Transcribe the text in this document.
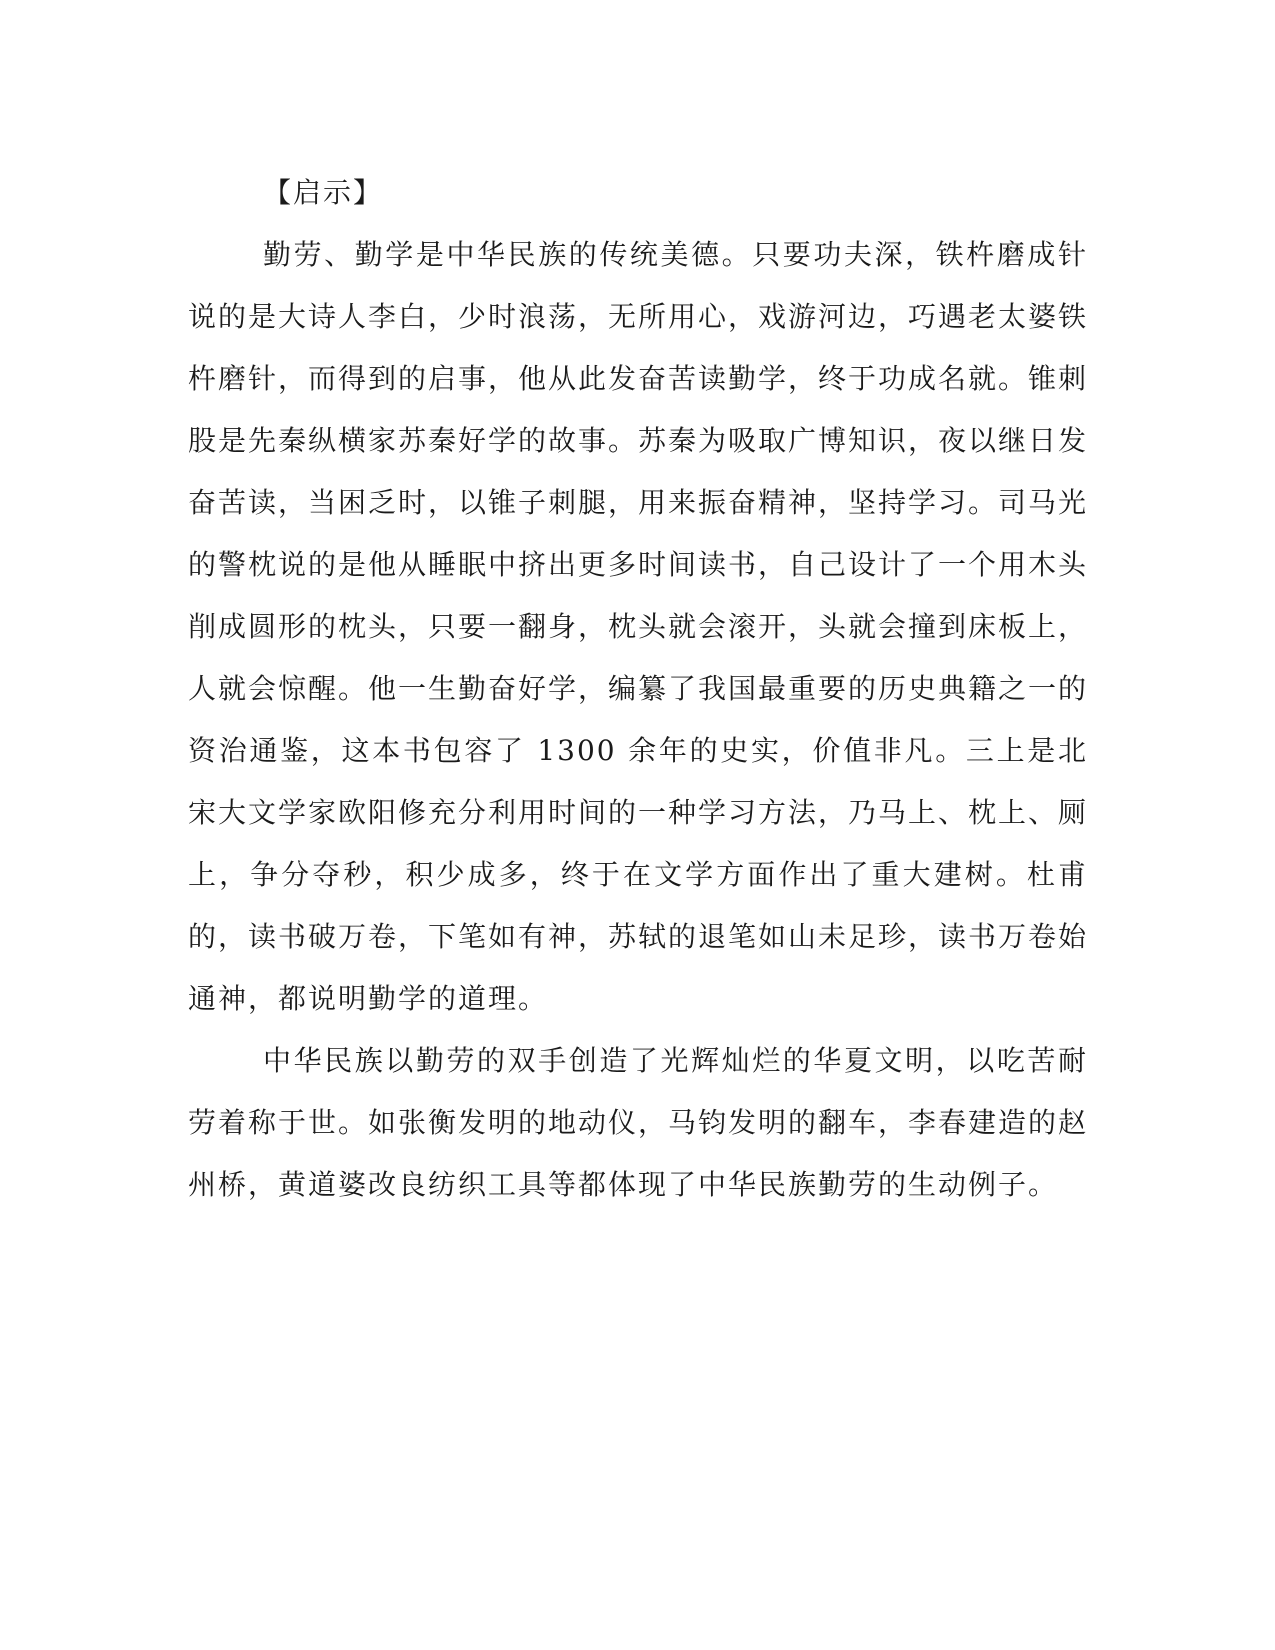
【启示】

勤劳、勤学是中华民族的传统美德。只要功夫深，铁杵磨成针说的是大诗人李白，少时浪荡，无所用心，戏游河边，巧遇老太婆铁杵磨针，而得到的启事，他从此发奋苦读勤学，终于功成名就。锥刺股是先秦纵横家苏秦好学的故事。苏秦为吸取广博知识，夜以继日发奋苦读，当困乏时，以锥子刺腿，用来振奋精神，坚持学习。司马光的警枕说的是他从睡眠中挤出更多时间读书，自己设计了一个用木头削成圆形的枕头，只要一翻身，枕头就会滚开，头就会撞到床板上，人就会惊醒。他一生勤奋好学，编纂了我国最重要的历史典籍之一的资治通鉴，这本书包容了 1300 余年的史实，价值非凡。三上是北宋大文学家欧阳修充分利用时间的一种学习方法，乃马上、枕上、厕上，争分夺秒，积少成多，终于在文学方面作出了重大建树。杜甫的，读书破万卷，下笔如有神，苏轼的退笔如山未足珍，读书万卷始通神，都说明勤学的道理。

中华民族以勤劳的双手创造了光辉灿烂的华夏文明，以吃苦耐劳着称于世。如张衡发明的地动仪，马钧发明的翻车，李春建造的赵州桥，黄道婆改良纺织工具等都体现了中华民族勤劳的生动例子。
